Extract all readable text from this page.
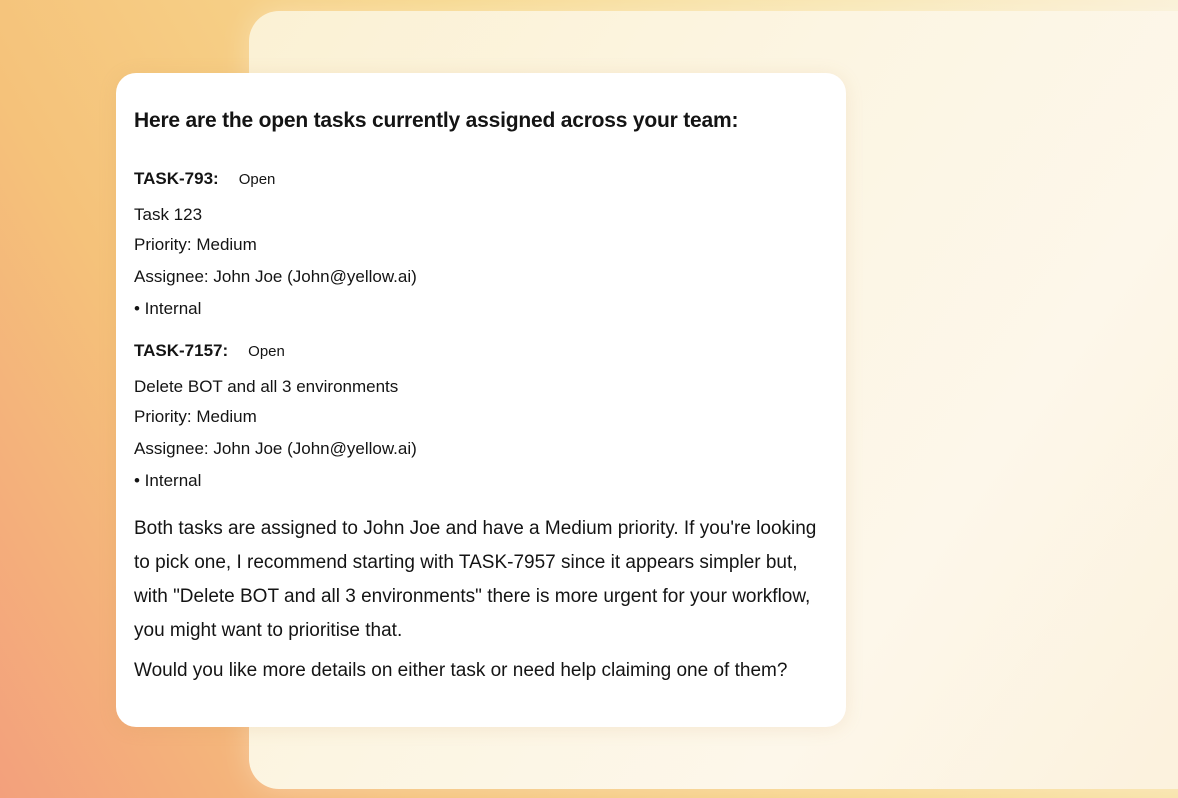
Here are the open tasks currently assigned across your team:
TASK-793: Open
Task 123
Priority: Medium
Assignee: John Joe (John@yellow.ai)
• Internal
TASK-7157: Open
Delete BOT and all 3 environments
Priority: Medium
Assignee: John Joe (John@yellow.ai)
• Internal
Both tasks are assigned to John Joe and have a Medium priority. If you're looking to pick one, I recommend starting with TASK-7957 since it appears simpler but, with "Delete BOT and all 3 environments" there is more urgent for your workflow, you might want to prioritise that.
Would you like more details on either task or need help claiming one of them?
